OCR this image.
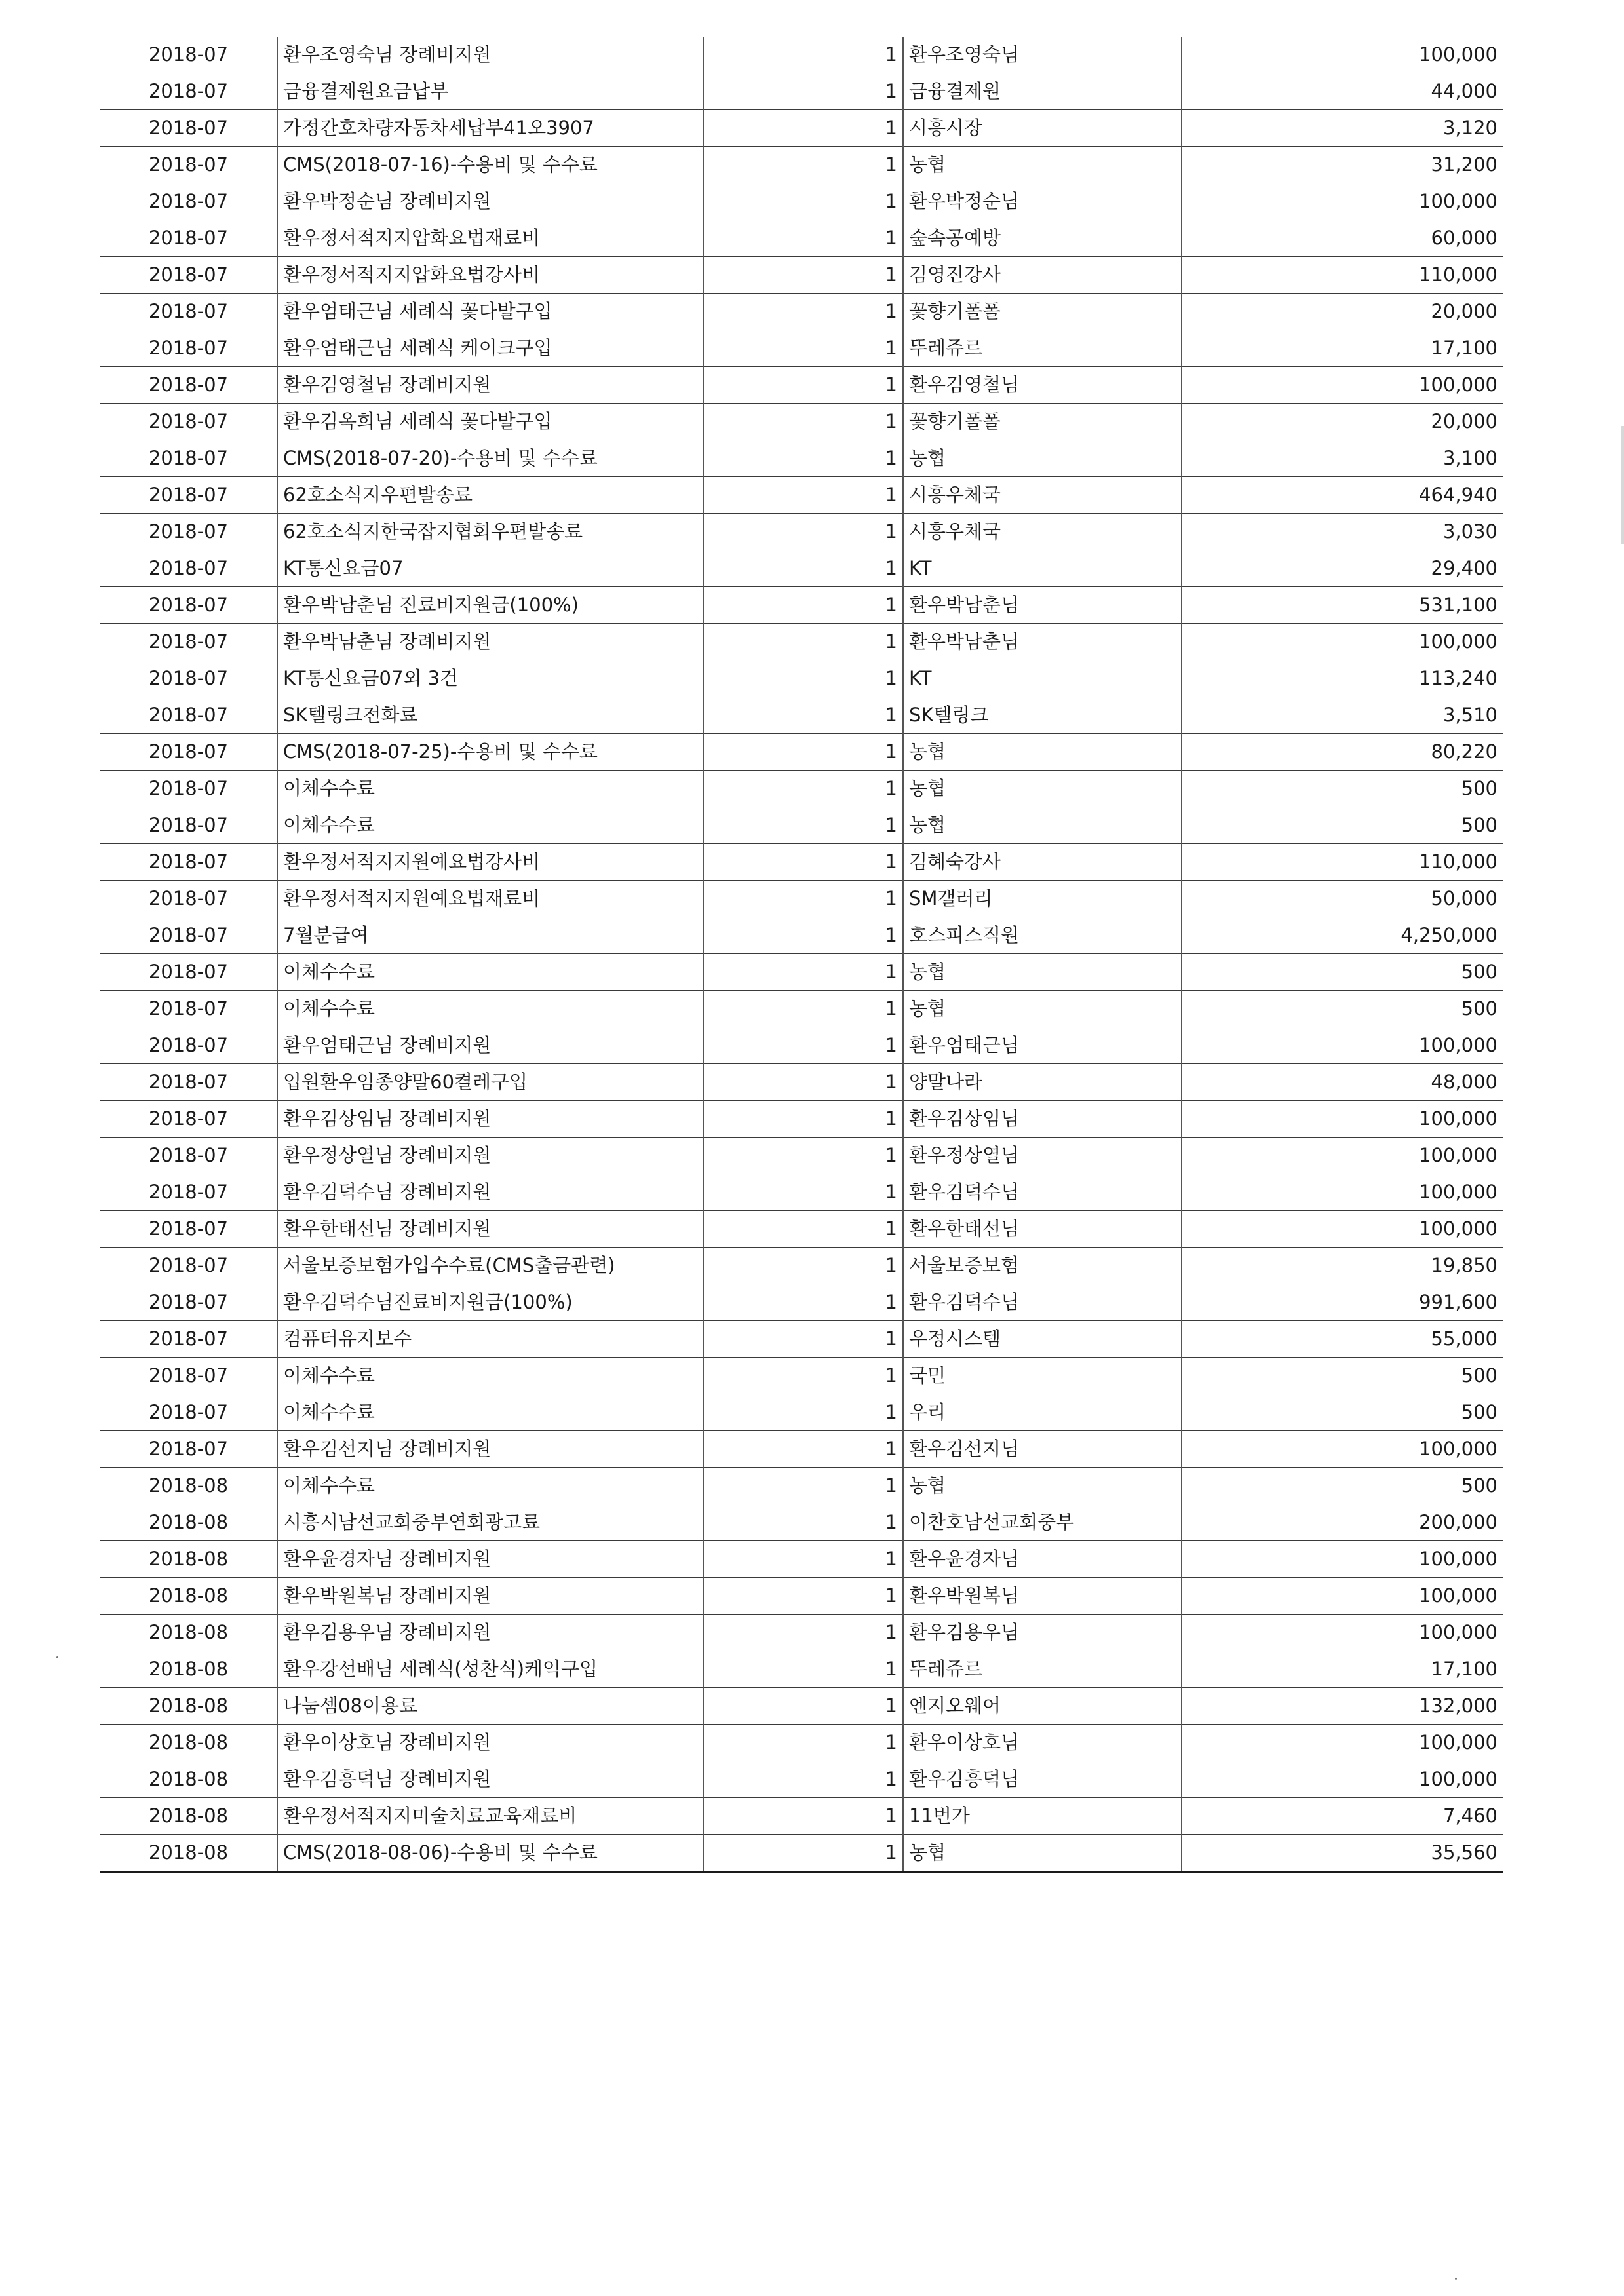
2018-07	환우조영숙님 장례비지원	1	환우조영숙님	100,000
2018-07	금융결제원요금납부	1	금융결제원	44,000
2018-07	가정간호차량자동차세납부41오3907	1	시흥시장	3,120
2018-07	CMS(2018-07-16)-수용비 및 수수료	1	농협	31,200
2018-07	환우박정순님 장례비지원	1	환우박정순님	100,000
2018-07	환우정서적지지압화요법재료비	1	숲속공예방	60,000
2018-07	환우정서적지지압화요법강사비	1	김영진강사	110,000
2018-07	환우엄태근님 세례식 꽃다발구입	1	꽃향기폴폴	20,000
2018-07	환우엄태근님 세례식 케이크구입	1	뚜레쥬르	17,100
2018-07	환우김영철님 장례비지원	1	환우김영철님	100,000
2018-07	환우김옥희님 세례식 꽃다발구입	1	꽃향기폴폴	20,000
2018-07	CMS(2018-07-20)-수용비 및 수수료	1	농협	3,100
2018-07	62호소식지우편발송료	1	시흥우체국	464,940
2018-07	62호소식지한국잡지협회우편발송료	1	시흥우체국	3,030
2018-07	KT통신요금07	1	KT	29,400
2018-07	환우박남춘님 진료비지원금(100%)	1	환우박남춘님	531,100
2018-07	환우박남춘님 장례비지원	1	환우박남춘님	100,000
2018-07	KT통신요금07외 3건	1	KT	113,240
2018-07	SK텔링크전화료	1	SK텔링크	3,510
2018-07	CMS(2018-07-25)-수용비 및 수수료	1	농협	80,220
2018-07	이체수수료	1	농협	500
2018-07	이체수수료	1	농협	500
2018-07	환우정서적지지원예요법강사비	1	김혜숙강사	110,000
2018-07	환우정서적지지원예요법재료비	1	SM갤러리	50,000
2018-07	7월분급여	1	호스피스직원	4,250,000
2018-07	이체수수료	1	농협	500
2018-07	이체수수료	1	농협	500
2018-07	환우엄태근님 장례비지원	1	환우엄태근님	100,000
2018-07	입원환우임종양말60켤레구입	1	양말나라	48,000
2018-07	환우김상임님 장례비지원	1	환우김상임님	100,000
2018-07	환우정상열님 장례비지원	1	환우정상열님	100,000
2018-07	환우김덕수님 장례비지원	1	환우김덕수님	100,000
2018-07	환우한태선님 장례비지원	1	환우한태선님	100,000
2018-07	서울보증보험가입수수료(CMS출금관련)	1	서울보증보험	19,850
2018-07	환우김덕수님진료비지원금(100%)	1	환우김덕수님	991,600
2018-07	컴퓨터유지보수	1	우정시스템	55,000
2018-07	이체수수료	1	국민	500
2018-07	이체수수료	1	우리	500
2018-07	환우김선지님 장례비지원	1	환우김선지님	100,000
2018-08	이체수수료	1	농협	500
2018-08	시흥시남선교회중부연회광고료	1	이찬호남선교회중부	200,000
2018-08	환우윤경자님 장례비지원	1	환우윤경자님	100,000
2018-08	환우박원복님 장례비지원	1	환우박원복님	100,000
2018-08	환우김용우님 장례비지원	1	환우김용우님	100,000
2018-08	환우강선배님 세례식(성찬식)케익구입	1	뚜레쥬르	17,100
2018-08	나눔셈08이용료	1	엔지오웨어	132,000
2018-08	환우이상호님 장례비지원	1	환우이상호님	100,000
2018-08	환우김흥덕님 장례비지원	1	환우김흥덕님	100,000
2018-08	환우정서적지지미술치료교육재료비	1	11번가	7,460
2018-08	CMS(2018-08-06)-수용비 및 수수료	1	농협	35,560
